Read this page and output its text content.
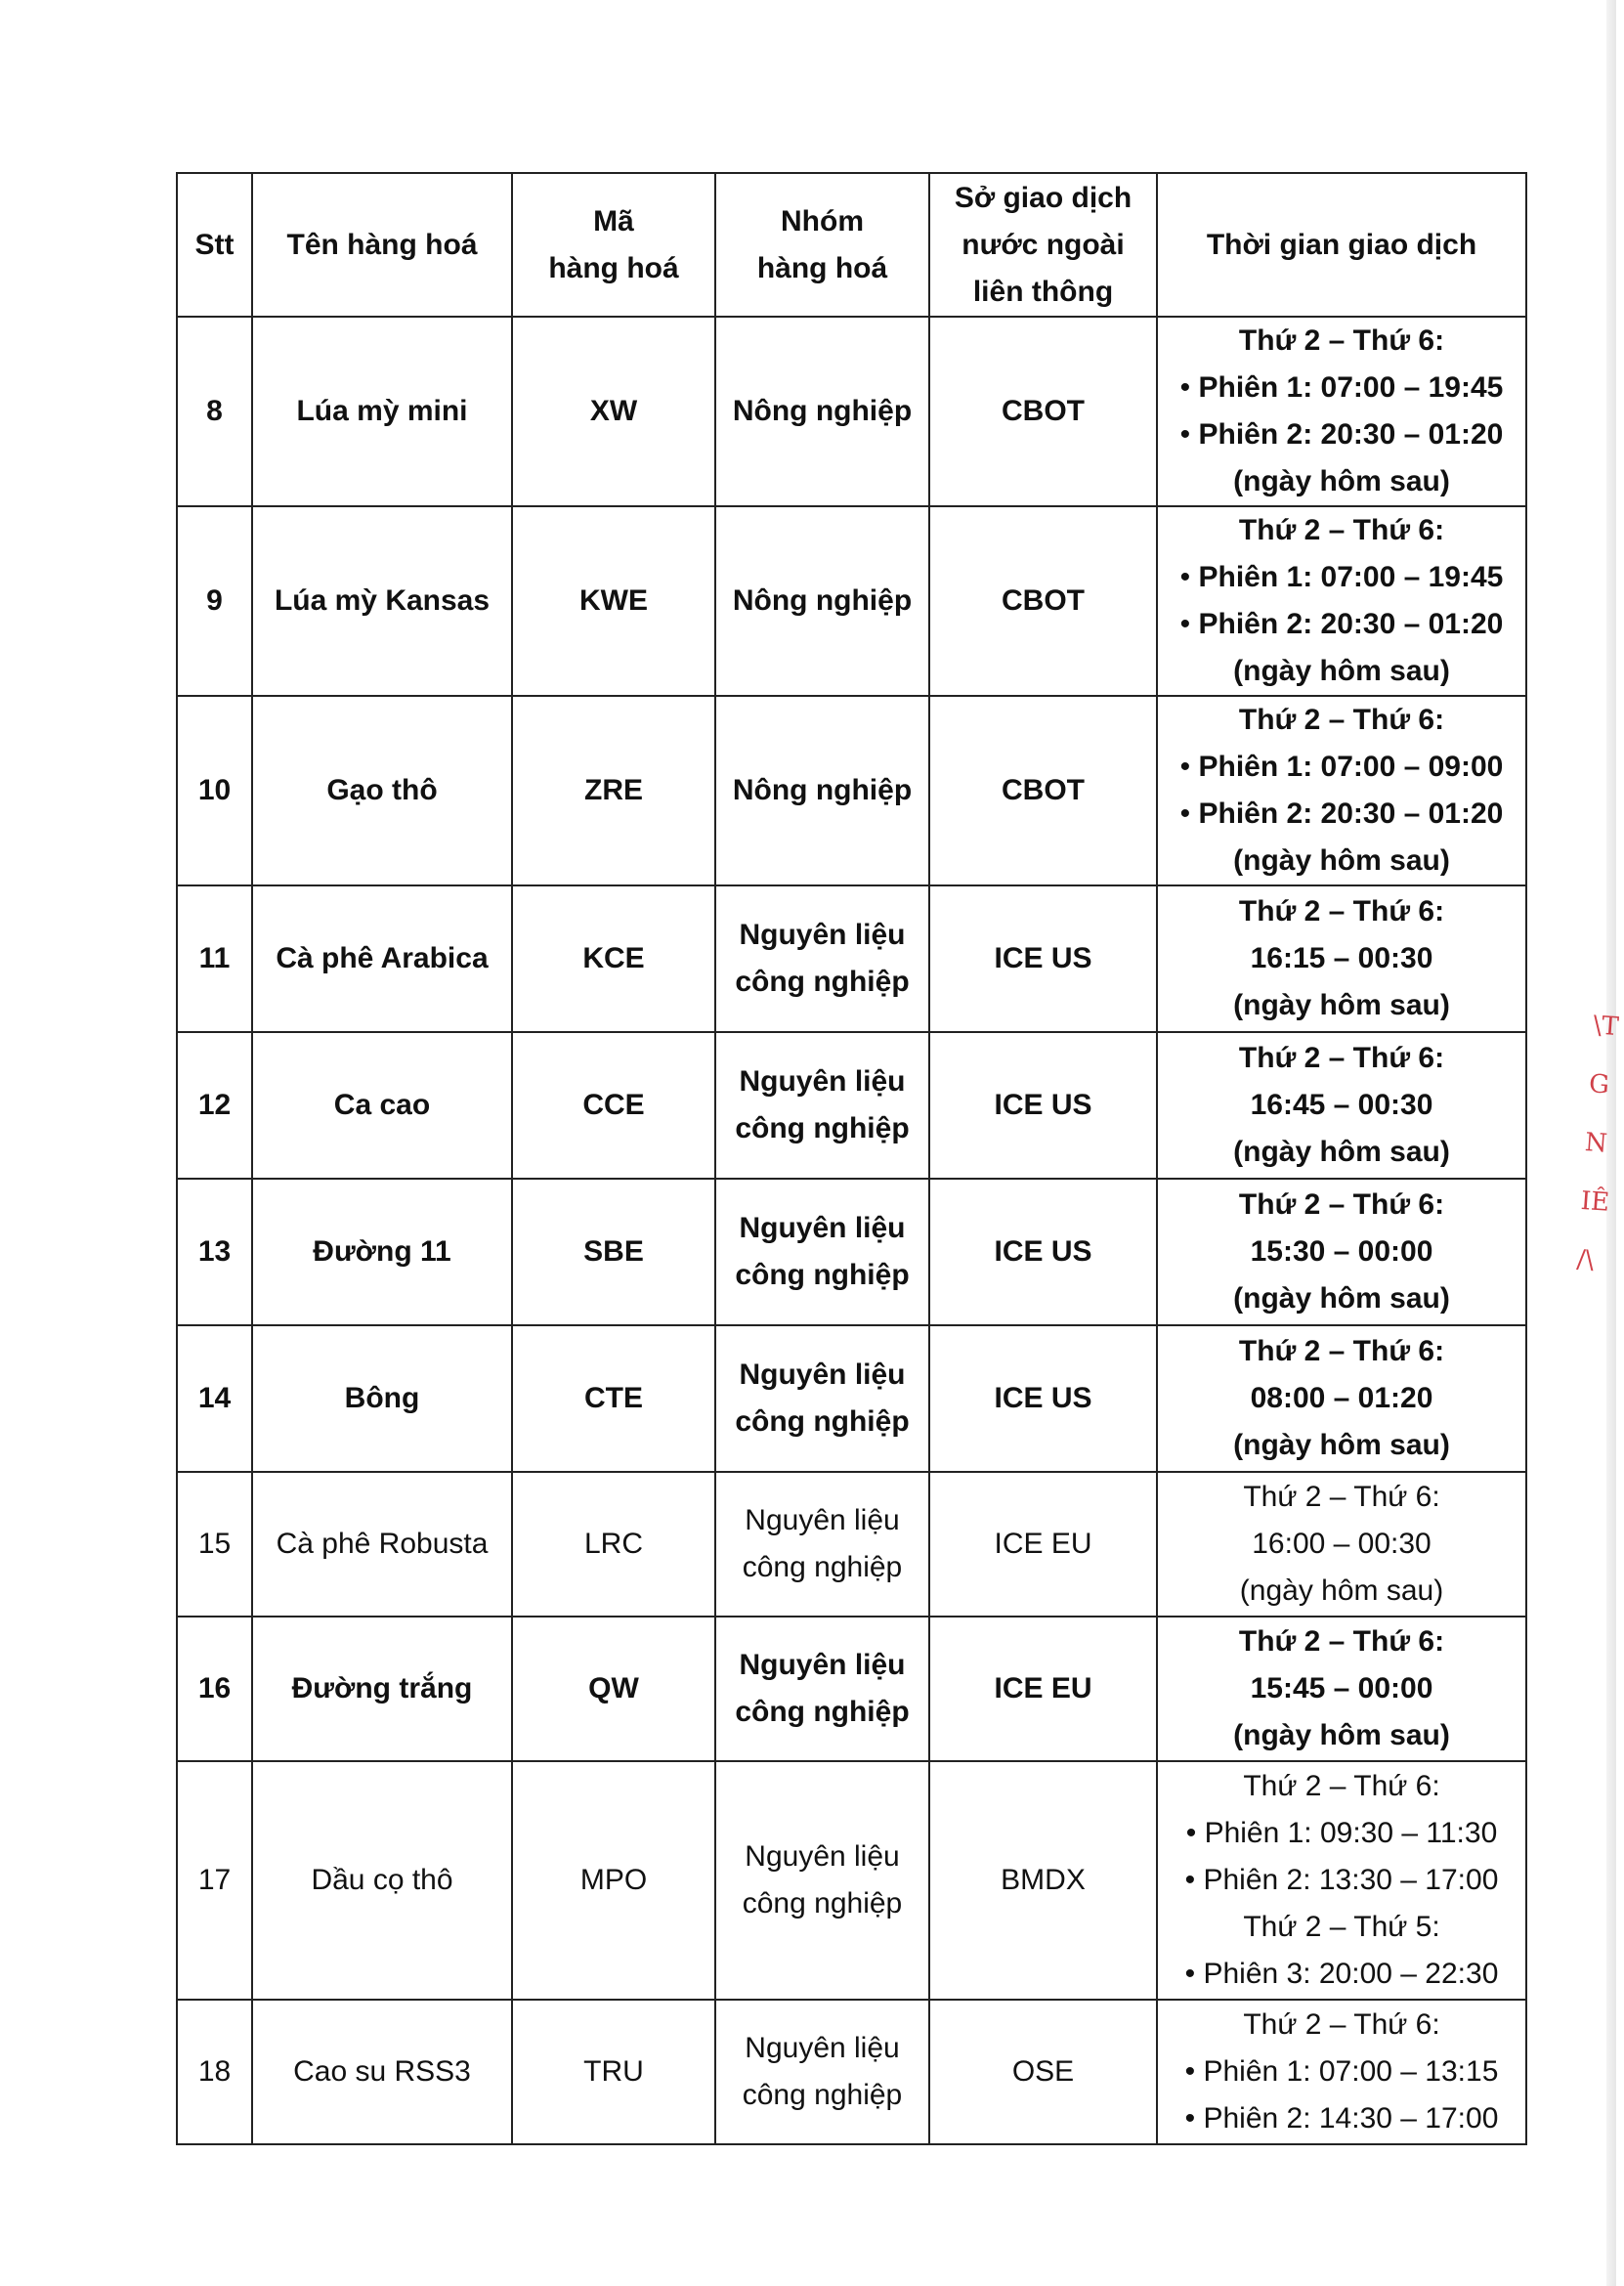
Stt	Tên hàng hoá	Mã
hàng hoá	Nhóm
hàng hoá	Sở giao dịch
nước ngoài
liên thông	Thời gian giao dịch
8	Lúa mỳ mini	XW	Nông nghiệp	CBOT	Thứ 2 – Thứ 6:
• Phiên 1: 07:00 – 19:45
• Phiên 2: 20:30 – 01:20
(ngày hôm sau)

9	Lúa mỳ Kansas	KWE	Nông nghiệp	CBOT	Thứ 2 – Thứ 6:
• Phiên 1: 07:00 – 19:45
• Phiên 2: 20:30 – 01:20
(ngày hôm sau)

10	Gạo thô	ZRE	Nông nghiệp	CBOT	Thứ 2 – Thứ 6:
• Phiên 1: 07:00 – 09:00
• Phiên 2: 20:30 – 01:20
(ngày hôm sau)

11	Cà phê Arabica	KCE	Nguyên liệu
công nghiệp	ICE US	Thứ 2 – Thứ 6:
16:15 – 00:30
(ngày hôm sau)

12	Ca cao	CCE	Nguyên liệu
công nghiệp	ICE US	Thứ 2 – Thứ 6:
16:45 – 00:30
(ngày hôm sau)

13	Đường 11	SBE	Nguyên liệu
công nghiệp	ICE US	Thứ 2 – Thứ 6:
15:30 – 00:00
(ngày hôm sau)

14	Bông	CTE	Nguyên liệu
công nghiệp	ICE US	Thứ 2 – Thứ 6:
08:00 – 01:20
(ngày hôm sau)

15	Cà phê Robusta	LRC	Nguyên liệu
công nghiệp	ICE EU	Thứ 2 – Thứ 6:
16:00 – 00:30
(ngày hôm sau)

16	Đường trắng	QW	Nguyên liệu
công nghiệp	ICE EU	Thứ 2 – Thứ 6:
15:45 – 00:00
(ngày hôm sau)

17	Dầu cọ thô	MPO	Nguyên liệu
công nghiệp	BMDX	Thứ 2 – Thứ 6:
• Phiên 1: 09:30 – 11:30
• Phiên 2: 13:30 – 17:00
Thứ 2 – Thứ 5:
• Phiên 3: 20:00 – 22:30

18	Cao su RSS3	TRU	Nguyên liệu
công nghiệp	OSE	Thứ 2 – Thứ 6:
• Phiên 1: 07:00 – 13:15
• Phiên 2: 14:30 – 17:00
\T
G
N
IÊ
/\
